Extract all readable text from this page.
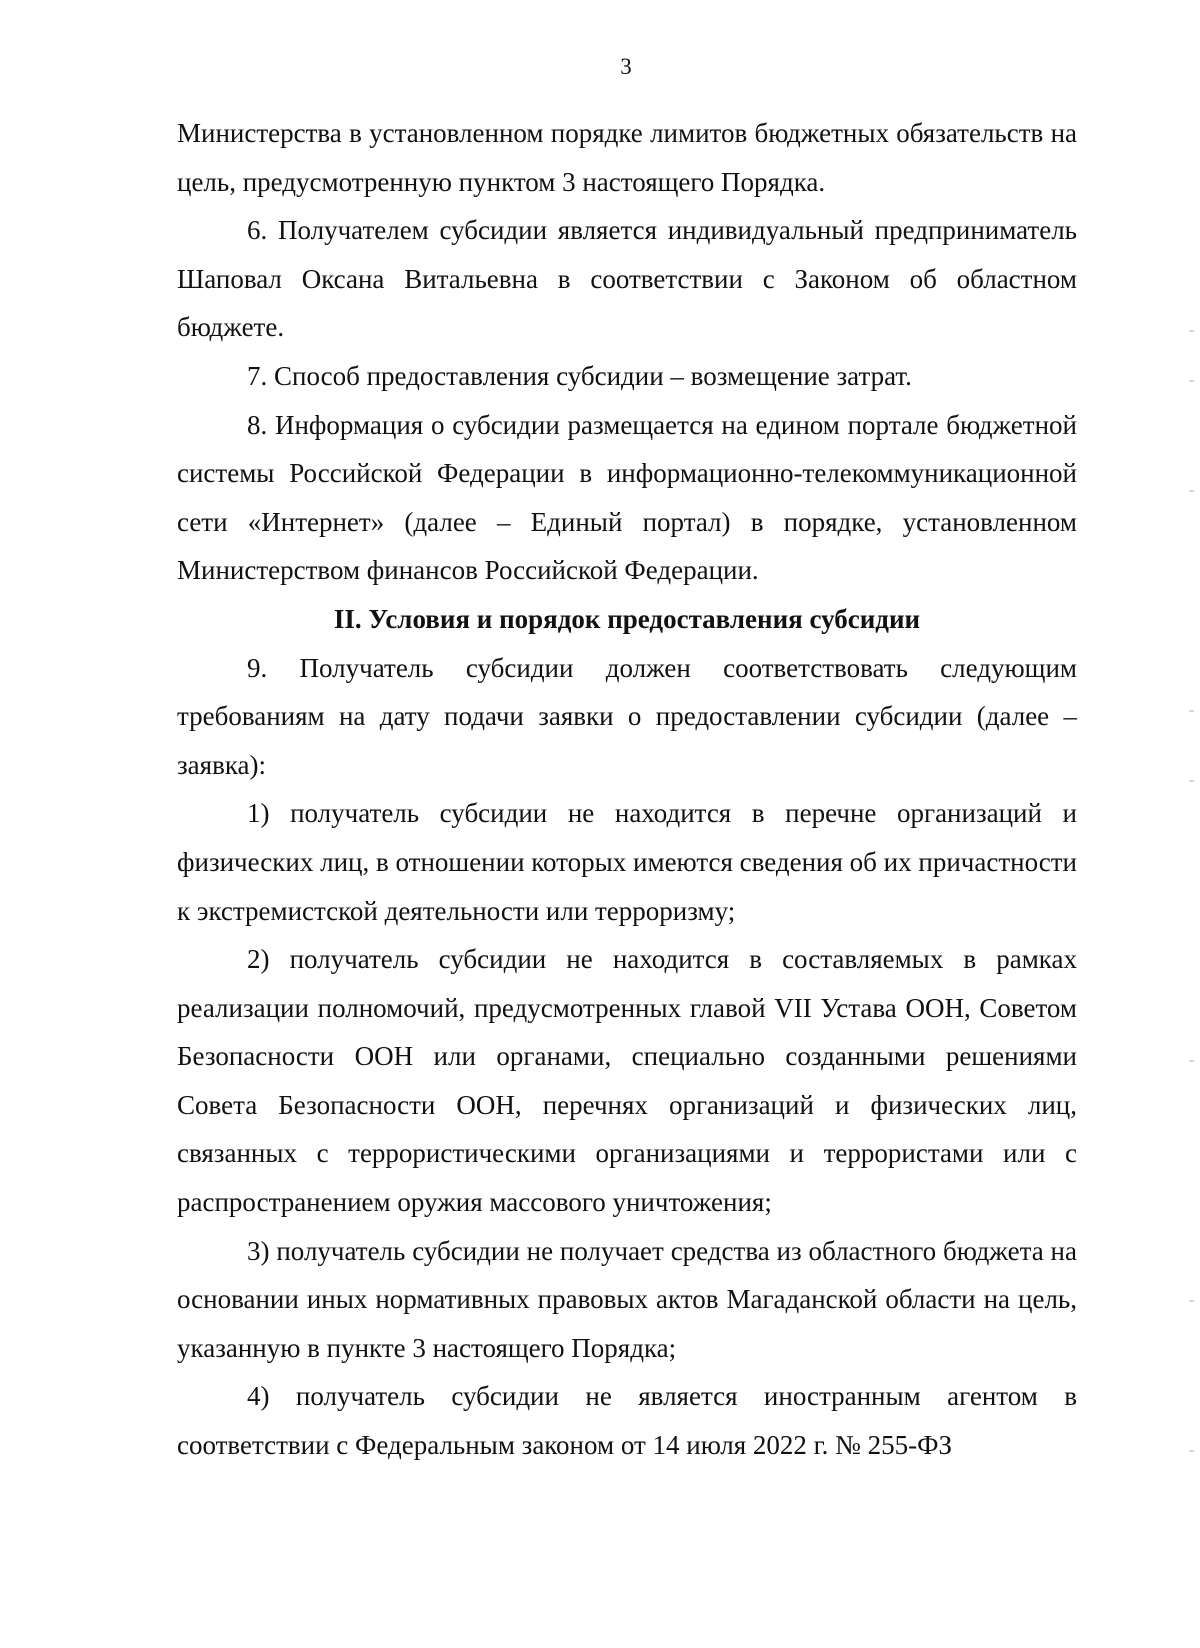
3

Министерства в установленном порядке лимитов бюджетных обязательств на цель, предусмотренную пунктом 3 настоящего Порядка.

6. Получателем субсидии является индивидуальный предприниматель Шаповал Оксана Витальевна в соответствии с Законом об областном бюджете.

7. Способ предоставления субсидии – возмещение затрат.

8. Информация о субсидии размещается на едином портале бюджетной системы Российской Федерации в информационно-телекоммуникационной сети «Интернет» (далее – Единый портал) в порядке, установленном Министерством финансов Российской Федерации.

II. Условия и порядок предоставления субсидии

9. Получатель субсидии должен соответствовать следующим требованиям на дату подачи заявки о предоставлении субсидии (далее – заявка):

1) получатель субсидии не находится в перечне организаций и физических лиц, в отношении которых имеются сведения об их причастности к экстремистской деятельности или терроризму;

2) получатель субсидии не находится в составляемых в рамках реализации полномочий, предусмотренных главой VII Устава ООН, Советом Безопасности ООН или органами, специально созданными решениями Совета Безопасности ООН, перечнях организаций и физических лиц, связанных с террористическими организациями и террористами или с распространением оружия массового уничтожения;

3) получатель субсидии не получает средства из областного бюджета на основании иных нормативных правовых актов Магаданской области на цель, указанную в пункте 3 настоящего Порядка;

4) получатель субсидии не является иностранным агентом в соответствии с Федеральным законом от 14 июля 2022 г. № 255-ФЗ
